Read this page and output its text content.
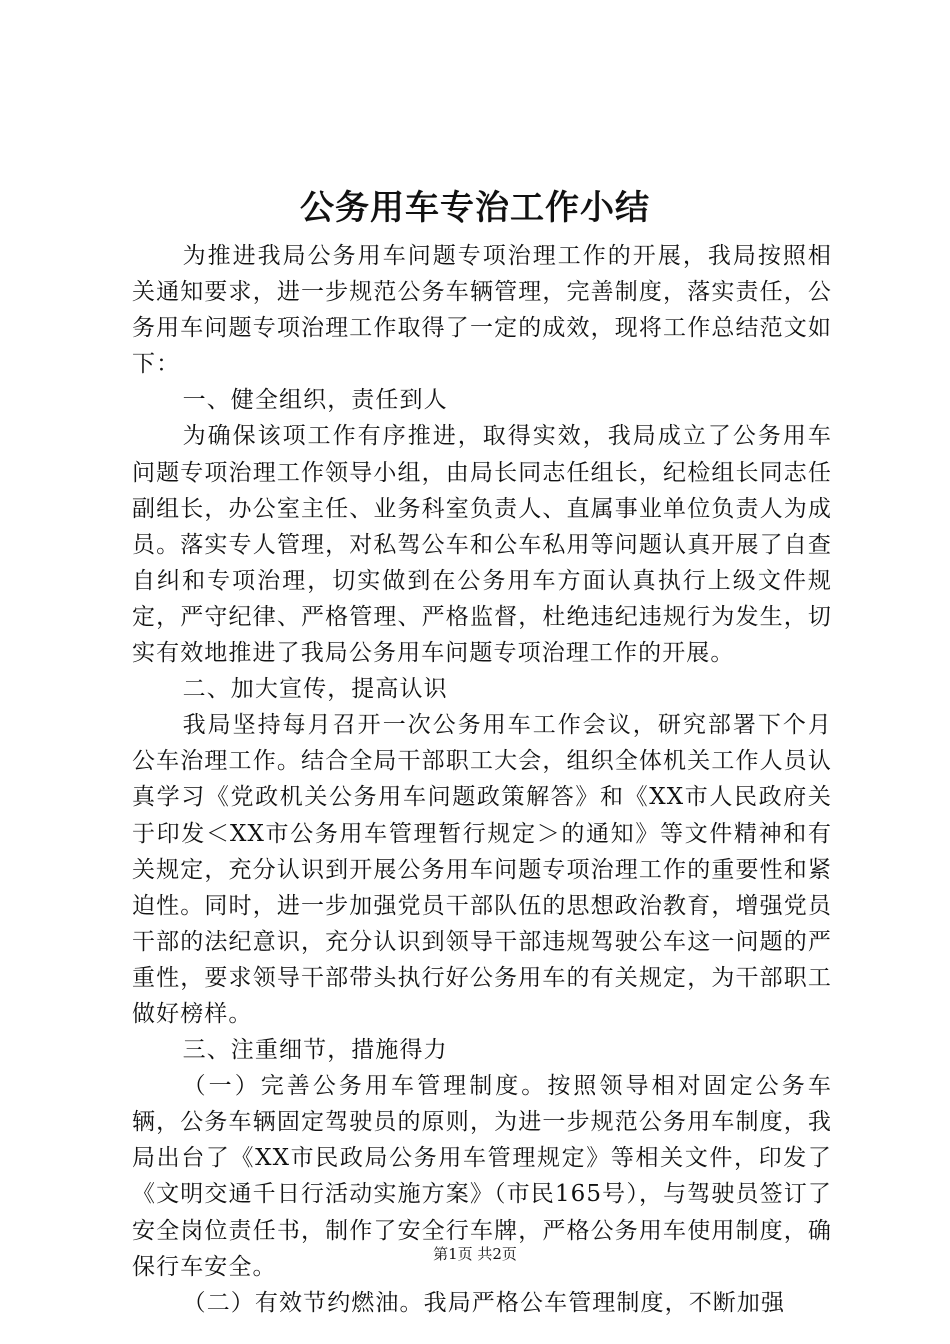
公务用车专治工作小结

为推进我局公务用车问题专项治理工作的开展，我局按照相关通知要求，进一步规范公务车辆管理，完善制度，落实责任，公务用车问题专项治理工作取得了一定的成效，现将工作总结范文如下：

一、健全组织，责任到人

为确保该项工作有序推进，取得实效，我局成立了公务用车问题专项治理工作领导小组，由局长同志任组长，纪检组长同志任副组长，办公室主任、业务科室负责人、直属事业单位负责人为成员。落实专人管理，对私驾公车和公车私用等问题认真开展了自查自纠和专项治理，切实做到在公务用车方面认真执行上级文件规定，严守纪律、严格管理、严格监督，杜绝违纪违规行为发生，切实有效地推进了我局公务用车问题专项治理工作的开展。

二、加大宣传，提高认识

我局坚持每月召开一次公务用车工作会议，研究部署下个月公车治理工作。结合全局干部职工大会，组织全体机关工作人员认真学习《党政机关公务用车问题政策解答》和《XX市人民政府关于印发＜XX市公务用车管理暂行规定＞的通知》等文件精神和有关规定，充分认识到开展公务用车问题专项治理工作的重要性和紧迫性。同时，进一步加强党员干部队伍的思想政治教育，增强党员干部的法纪意识，充分认识到领导干部违规驾驶公车这一问题的严重性，要求领导干部带头执行好公务用车的有关规定，为干部职工做好榜样。

三、注重细节，措施得力

（一）完善公务用车管理制度。按照领导相对固定公务车辆，公务车辆固定驾驶员的原则，为进一步规范公务用车制度，我局出台了《XX市民政局公务用车管理规定》等相关文件，印发了《文明交通千日行活动实施方案》（市民165号），与驾驶员签订了安全岗位责任书，制作了安全行车牌，严格公务用车使用制度，确保行车安全。

（二）有效节约燃油。我局严格公车管理制度，不断加强

第1页 共2页
